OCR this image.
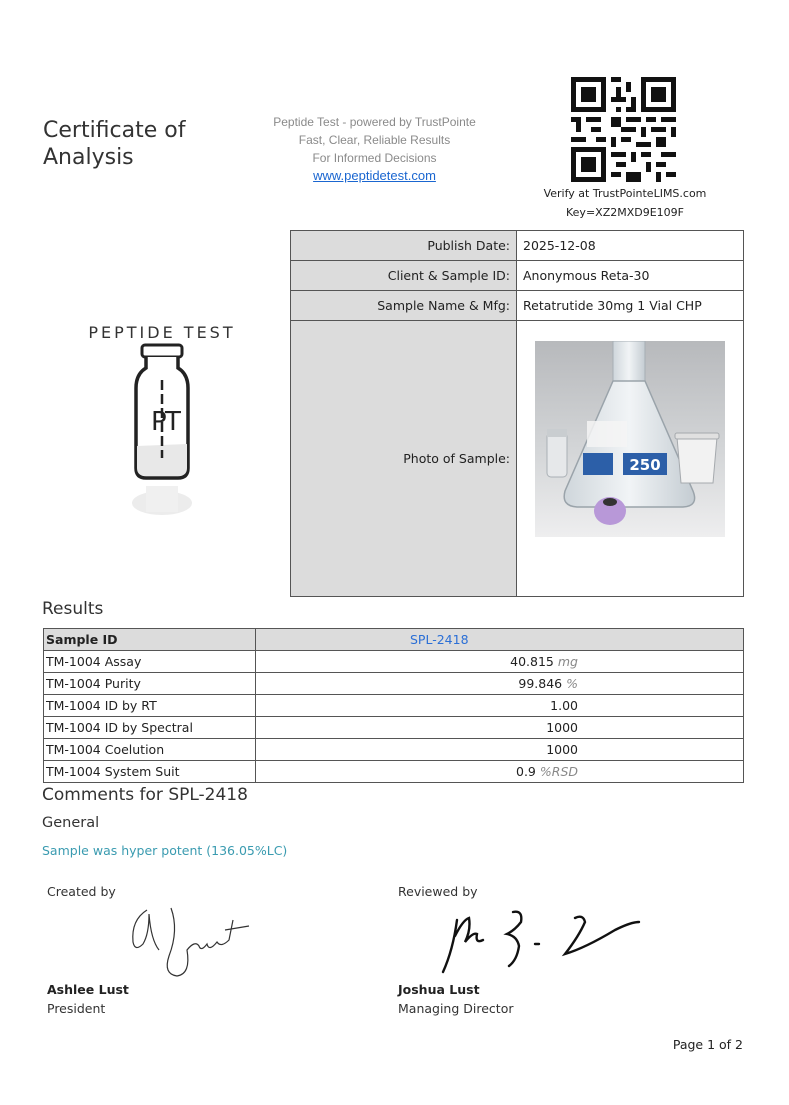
Certificate of
Analysis
Peptide Test - powered by TrustPointe
Fast, Clear, Reliable Results
For Informed Decisions
www.peptidetest.com
Verify at TrustPointeLIMS.com
Key=XZ2MXD9E109F
PEPTIDE TEST
P
T
Publish Date:	2025-12-08
Client & Sample ID:	Anonymous Reta-30
Sample Name & Mfg:	Retatrutide 30mg 1 Vial CHP
Photo of Sample:		250
Results
Sample ID	SPL-2418
TM-1004 Assay	40.815 mg
TM-1004 Purity	99.846 %
TM-1004 ID by RT	1.00
TM-1004 ID by Spectral	1000
TM-1004 Coelution	1000
TM-1004 System Suit	0.9 %RSD
Comments for SPL-2418
General
Sample was hyper potent (136.05%LC)
Created by
Ashlee Lust
President
Reviewed by
Joshua Lust
Managing Director
Page 1 of 2
